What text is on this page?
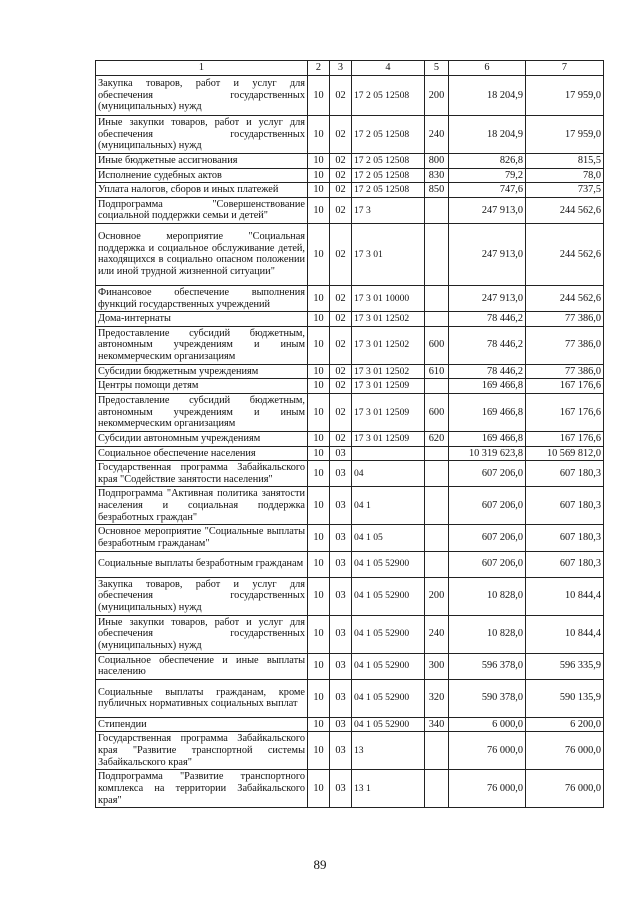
1	2	3	4	5	6	7
Закупка товаров, работ и услуг для обеспечения государственных (муниципальных) нужд	10	02	17 2 05 12508	200	18 204,9	17 959,0
Иные закупки товаров, работ и услуг для обеспечения государственных (муниципальных) нужд	10	02	17 2 05 12508	240	18 204,9	17 959,0
Иные бюджетные ассигнования	10	02	17 2 05 12508	800	826,8	815,5
Исполнение судебных актов	10	02	17 2 05 12508	830	79,2	78,0
Уплата налогов, сборов и иных платежей	10	02	17 2 05 12508	850	747,6	737,5
Подпрограмма "Совершенствование социальной поддержки семьи и детей"	10	02	17 3		247 913,0	244 562,6
Основное мероприятие "Социальная поддержка и социальное обслуживание детей, находящихся в социально опасном положении или иной трудной жизненной ситуации"	10	02	17 3 01		247 913,0	244 562,6
Финансовое обеспечение выполнения функций государственных учреждений	10	02	17 3 01 10000		247 913,0	244 562,6
Дома-интернаты	10	02	17 3 01 12502		78 446,2	77 386,0
Предоставление субсидий бюджетным, автономным учреждениям и иным некоммерческим организациям	10	02	17 3 01 12502	600	78 446,2	77 386,0
Субсидии бюджетным учреждениям	10	02	17 3 01 12502	610	78 446,2	77 386,0
Центры помощи детям	10	02	17 3 01 12509		169 466,8	167 176,6
Предоставление субсидий бюджетным, автономным учреждениям и иным некоммерческим организациям	10	02	17 3 01 12509	600	169 466,8	167 176,6
Субсидии автономным учреждениям	10	02	17 3 01 12509	620	169 466,8	167 176,6
Социальное обеспечение населения	10	03			10 319 623,8	10 569 812,0
Государственная программа Забайкальского края "Содействие занятости населения"	10	03	04		607 206,0	607 180,3
Подпрограмма "Активная политика занятости населения и социальная поддержка безработных граждан"	10	03	04 1		607 206,0	607 180,3
Основное мероприятие "Социальные выплаты безработным гражданам"	10	03	04 1 05		607 206,0	607 180,3
Социальные выплаты безработным гражданам	10	03	04 1 05 52900		607 206,0	607 180,3
Закупка товаров, работ и услуг для обеспечения государственных (муниципальных) нужд	10	03	04 1 05 52900	200	10 828,0	10 844,4
Иные закупки товаров, работ и услуг для обеспечения государственных (муниципальных) нужд	10	03	04 1 05 52900	240	10 828,0	10 844,4
Социальное обеспечение и иные выплаты населению	10	03	04 1 05 52900	300	596 378,0	596 335,9
Социальные выплаты гражданам, кроме публичных нормативных социальных выплат	10	03	04 1 05 52900	320	590 378,0	590 135,9
Стипендии	10	03	04 1 05 52900	340	6 000,0	6 200,0
Государственная программа Забайкальского края "Развитие транспортной системы Забайкальского края"	10	03	13		76 000,0	76 000,0
Подпрограмма "Развитие транспортного комплекса на территории Забайкальского края"	10	03	13 1		76 000,0	76 000,0
89
